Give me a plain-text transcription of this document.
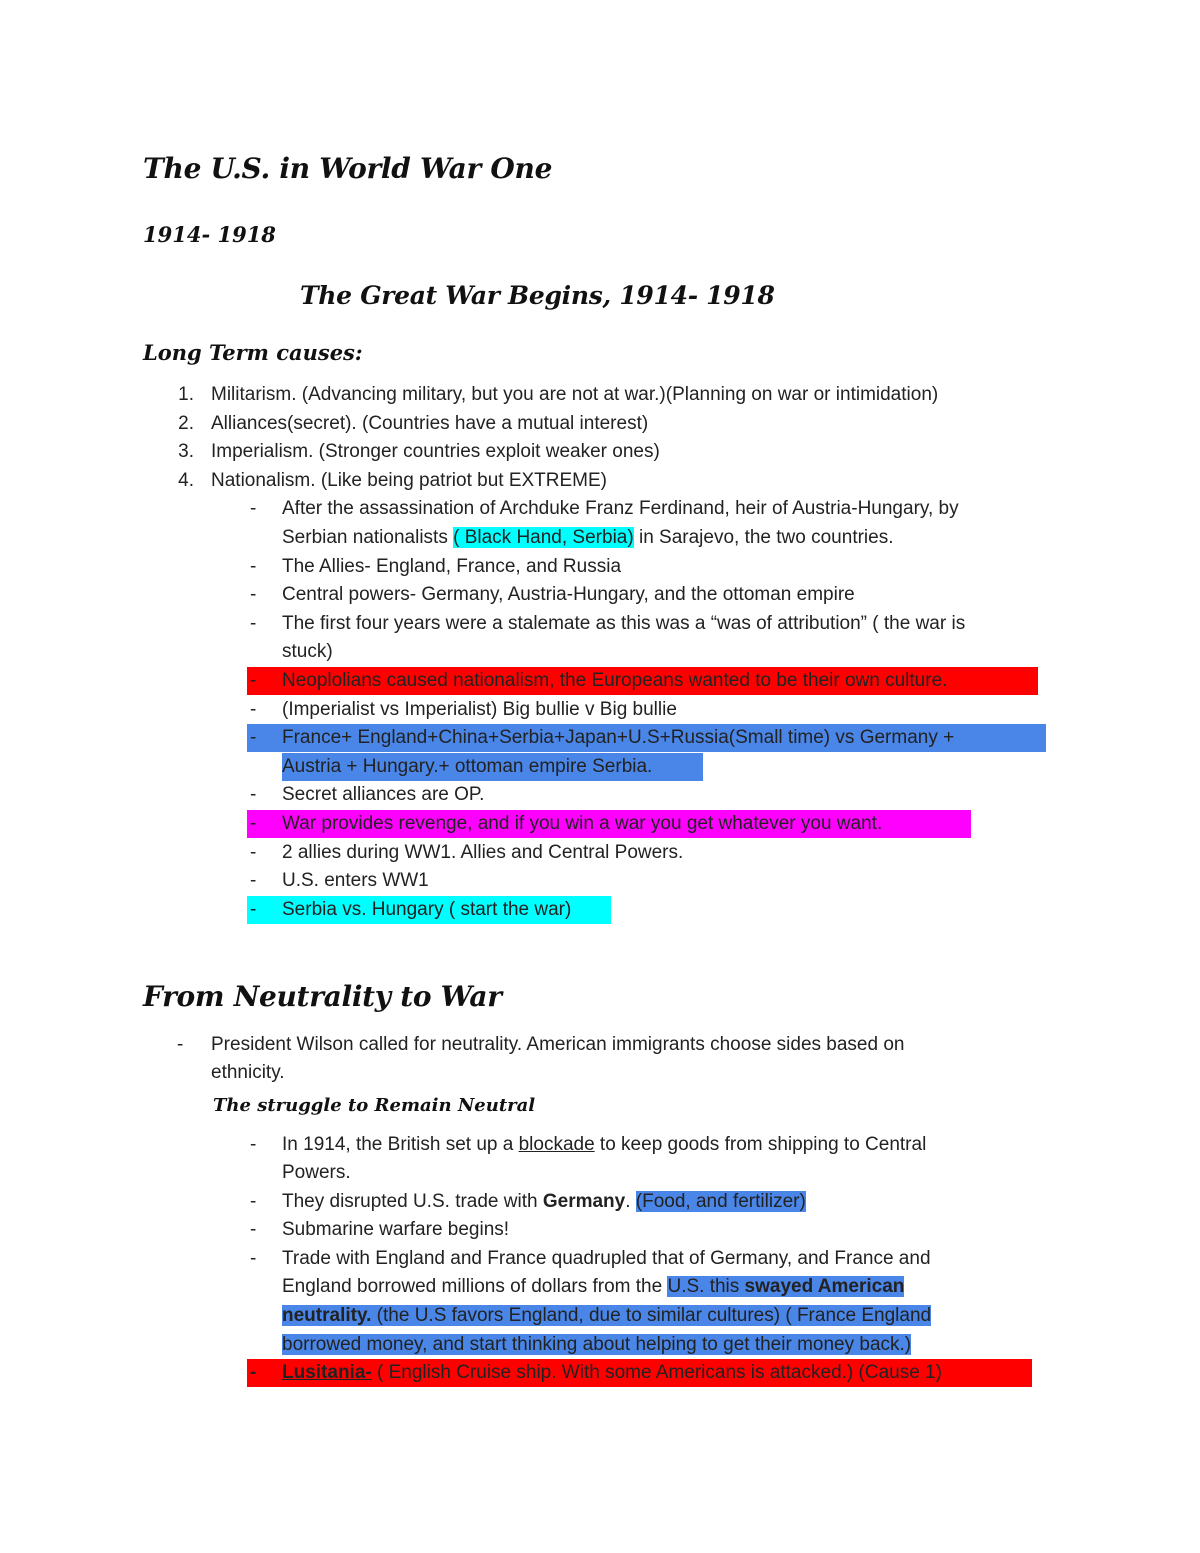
The U.S. in World War One
1914- 1918
The Great War Begins, 1914- 1918
Long Term causes:
1. Militarism. (Advancing military, but you are not at war.)(Planning on war or intimidation)
2. Alliances(secret). (Countries have a mutual interest)
3. Imperialism. (Stronger countries exploit weaker ones)
4. Nationalism. (Like being patriot but EXTREME)
- After the assassination of Archduke Franz Ferdinand, heir of Austria-Hungary, by
Serbian nationalists ( Black Hand, Serbia) in Sarajevo, the two countries.
- The Allies- England, France, and Russia
- Central powers- Germany, Austria-Hungary, and the ottoman empire
- The first four years were a stalemate as this was a “was of attribution” ( the war is
stuck)
- Neoplolians caused nationalism, the Europeans wanted to be their own culture.
- (Imperialist vs Imperialist) Big bullie v Big bullie
- France+ England+China+Serbia+Japan+U.S+Russia(Small time) vs Germany +
Austria + Hungary.+ ottoman empire Serbia.
- Secret alliances are OP.
- War provides revenge, and if you win a war you get whatever you want.
- 2 allies during WW1. Allies and Central Powers.
- U.S. enters WW1
- Serbia vs. Hungary ( start the war)
From Neutrality to War
- President Wilson called for neutrality. American immigrants choose sides based on
ethnicity.
The struggle to Remain Neutral
- In 1914, the British set up a blockade to keep goods from shipping to Central
Powers.
- They disrupted U.S. trade with Germany. (Food, and fertilizer)
- Submarine warfare begins!
- Trade with England and France quadrupled that of Germany, and France and
England borrowed millions of dollars from the U.S. this swayed American
neutrality. (the U.S favors England, due to similar cultures) ( France England
borrowed money, and start thinking about helping to get their money back.)
- Lusitania- ( English Cruise ship. With some Americans is attacked.) (Cause 1)
